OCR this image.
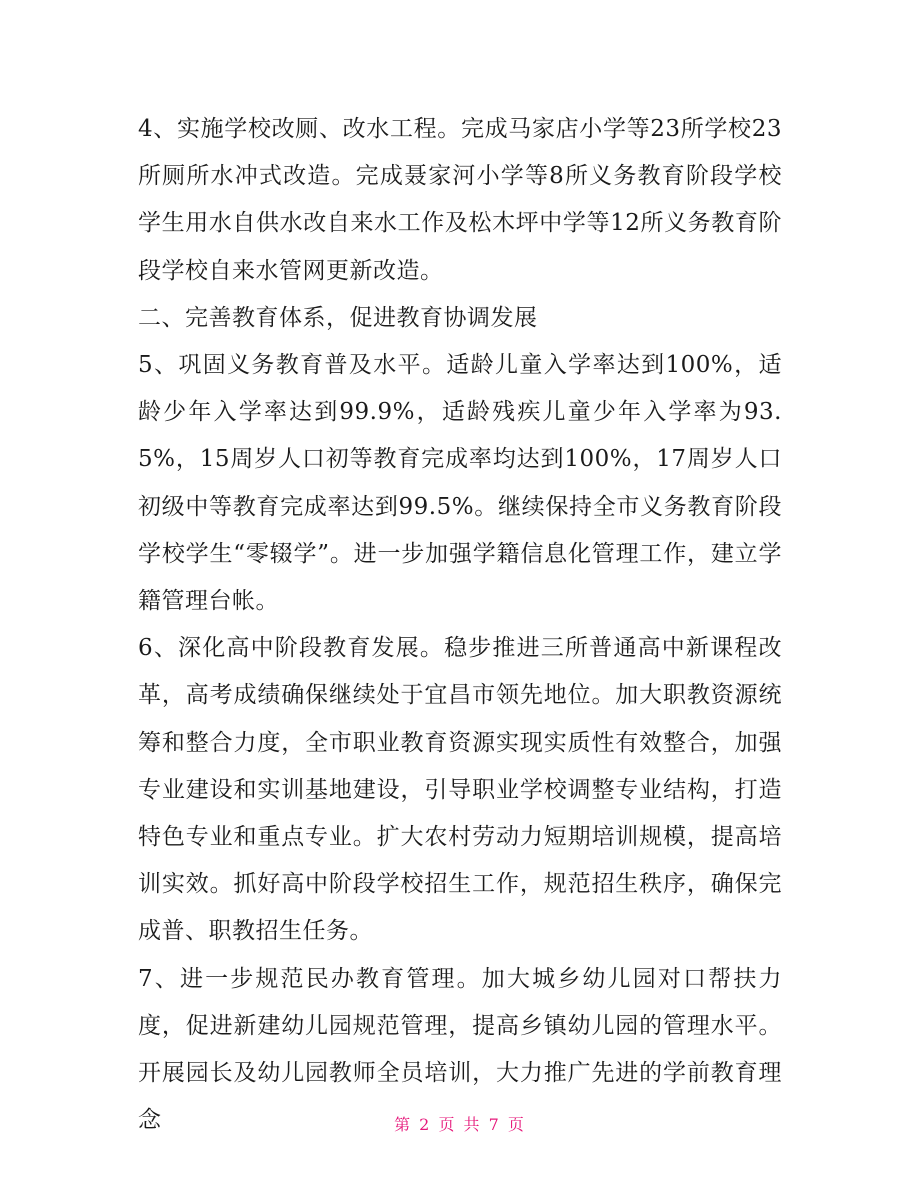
4、实施学校改厕、改水工程。完成马家店小学等23所学校23所厕所水冲式改造。完成聂家河小学等8所义务教育阶段学校学生用水自供水改自来水工作及松木坪中学等12所义务教育阶段学校自来水管网更新改造。

二、完善教育体系，促进教育协调发展

5、巩固义务教育普及水平。适龄儿童入学率达到100%，适龄少年入学率达到99.9%，适龄残疾儿童少年入学率为93.5%，15周岁人口初等教育完成率均达到100%，17周岁人口初级中等教育完成率达到99.5%。继续保持全市义务教育阶段学校学生“零辍学”。进一步加强学籍信息化管理工作，建立学籍管理台帐。

6、深化高中阶段教育发展。稳步推进三所普通高中新课程改革，高考成绩确保继续处于宜昌市领先地位。加大职教资源统筹和整合力度，全市职业教育资源实现实质性有效整合，加强专业建设和实训基地建设，引导职业学校调整专业结构，打造特色专业和重点专业。扩大农村劳动力短期培训规模，提高培训实效。抓好高中阶段学校招生工作，规范招生秩序，确保完成普、职教招生任务。

7、进一步规范民办教育管理。加大城乡幼儿园对口帮扶力度，促进新建幼儿园规范管理，提高乡镇幼儿园的管理水平。开展园长及幼儿园教师全员培训，大力推广先进的学前教育理念	第 2 页 共 7 页
